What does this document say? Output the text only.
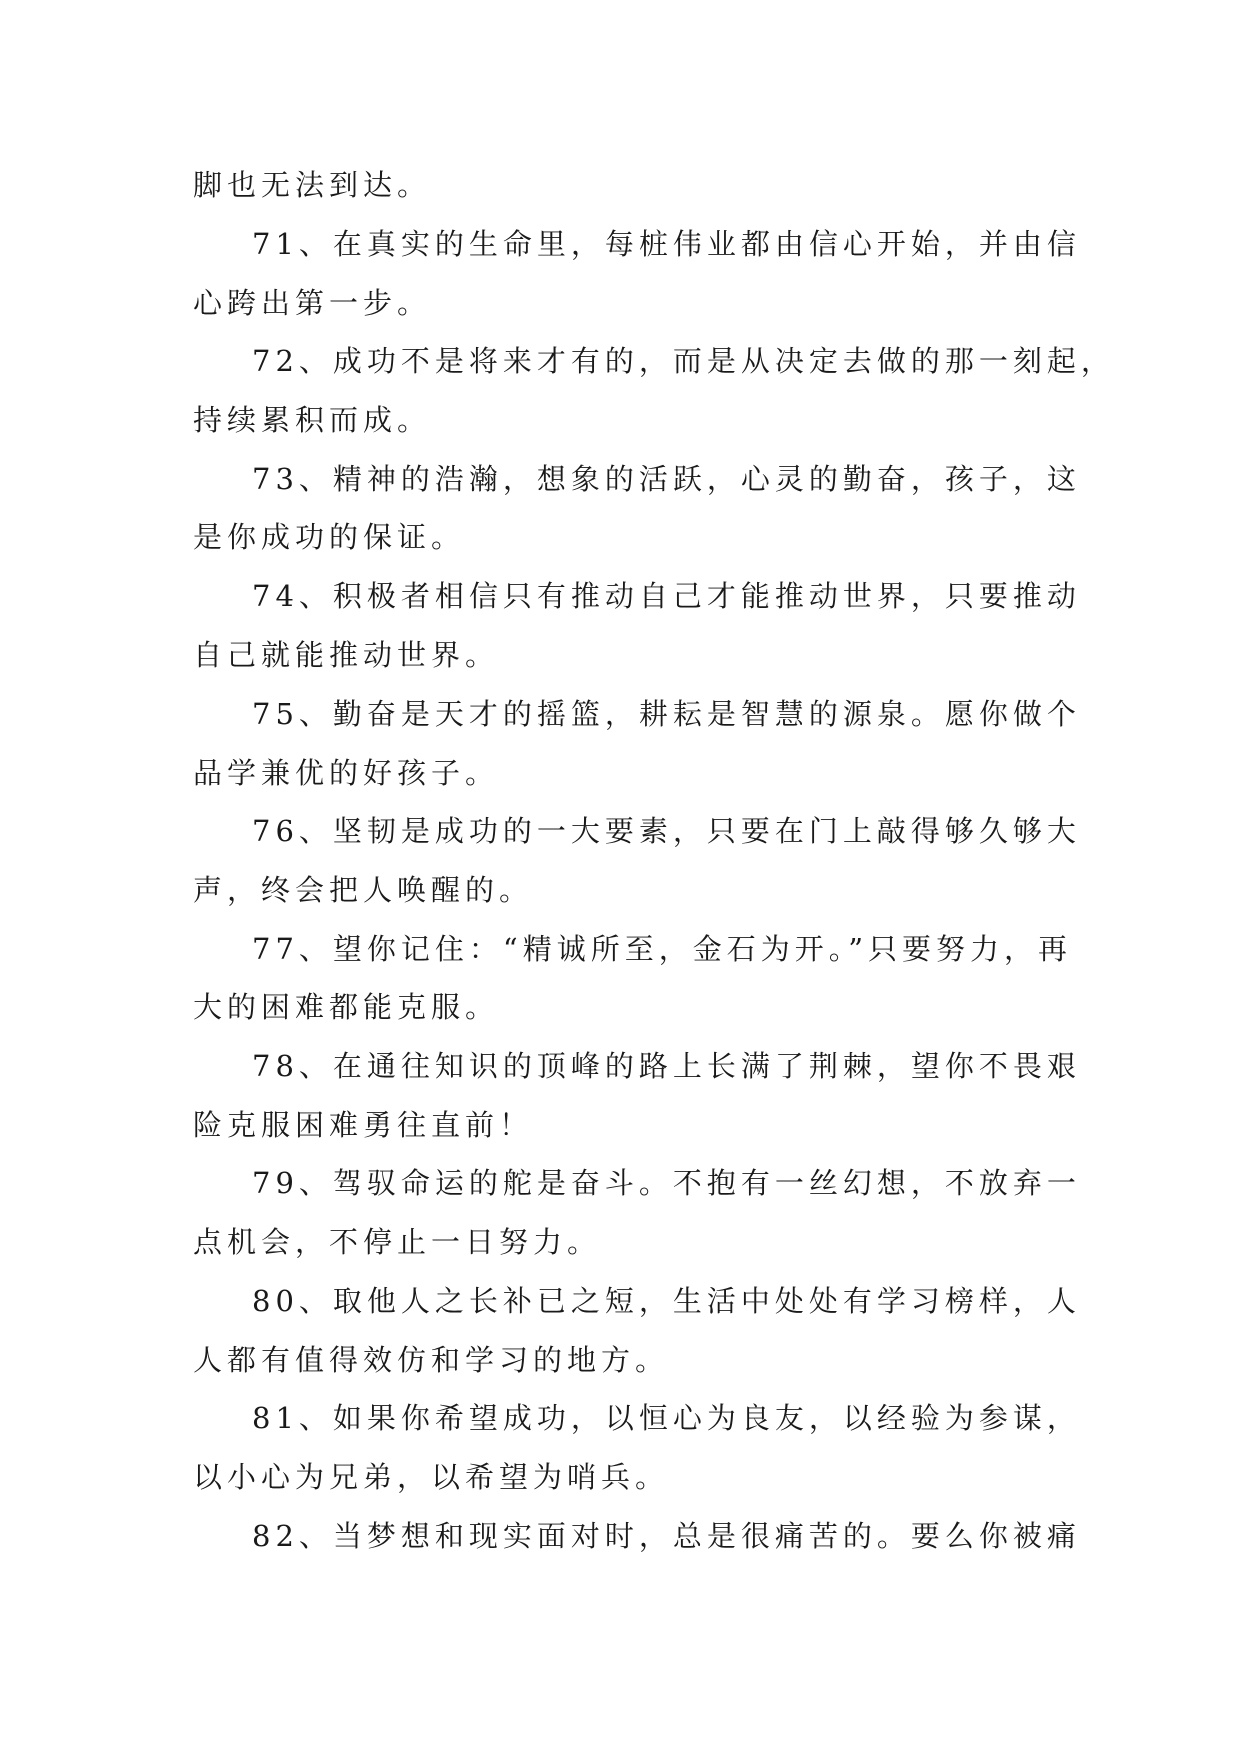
脚也无法到达。

71、在真实的生命里，每桩伟业都由信心开始，并由信

心跨出第一步。

72、成功不是将来才有的，而是从决定去做的那一刻起，

持续累积而成。

73、精神的浩瀚，想象的活跃，心灵的勤奋，孩子，这

是你成功的保证。

74、积极者相信只有推动自己才能推动世界，只要推动

自己就能推动世界。

75、勤奋是天才的摇篮，耕耘是智慧的源泉。愿你做个

品学兼优的好孩子。

76、坚韧是成功的一大要素，只要在门上敲得够久够大

声，终会把人唤醒的。

77、望你记住：“精诚所至，金石为开。”只要努力，再

大的困难都能克服。

78、在通往知识的顶峰的路上长满了荆棘，望你不畏艰

险克服困难勇往直前！

79、驾驭命运的舵是奋斗。不抱有一丝幻想，不放弃一

点机会，不停止一日努力。

80、取他人之长补已之短，生活中处处有学习榜样，人

人都有值得效仿和学习的地方。

81、如果你希望成功，以恒心为良友，以经验为参谋，

以小心为兄弟，以希望为哨兵。

82、当梦想和现实面对时，总是很痛苦的。要么你被痛
